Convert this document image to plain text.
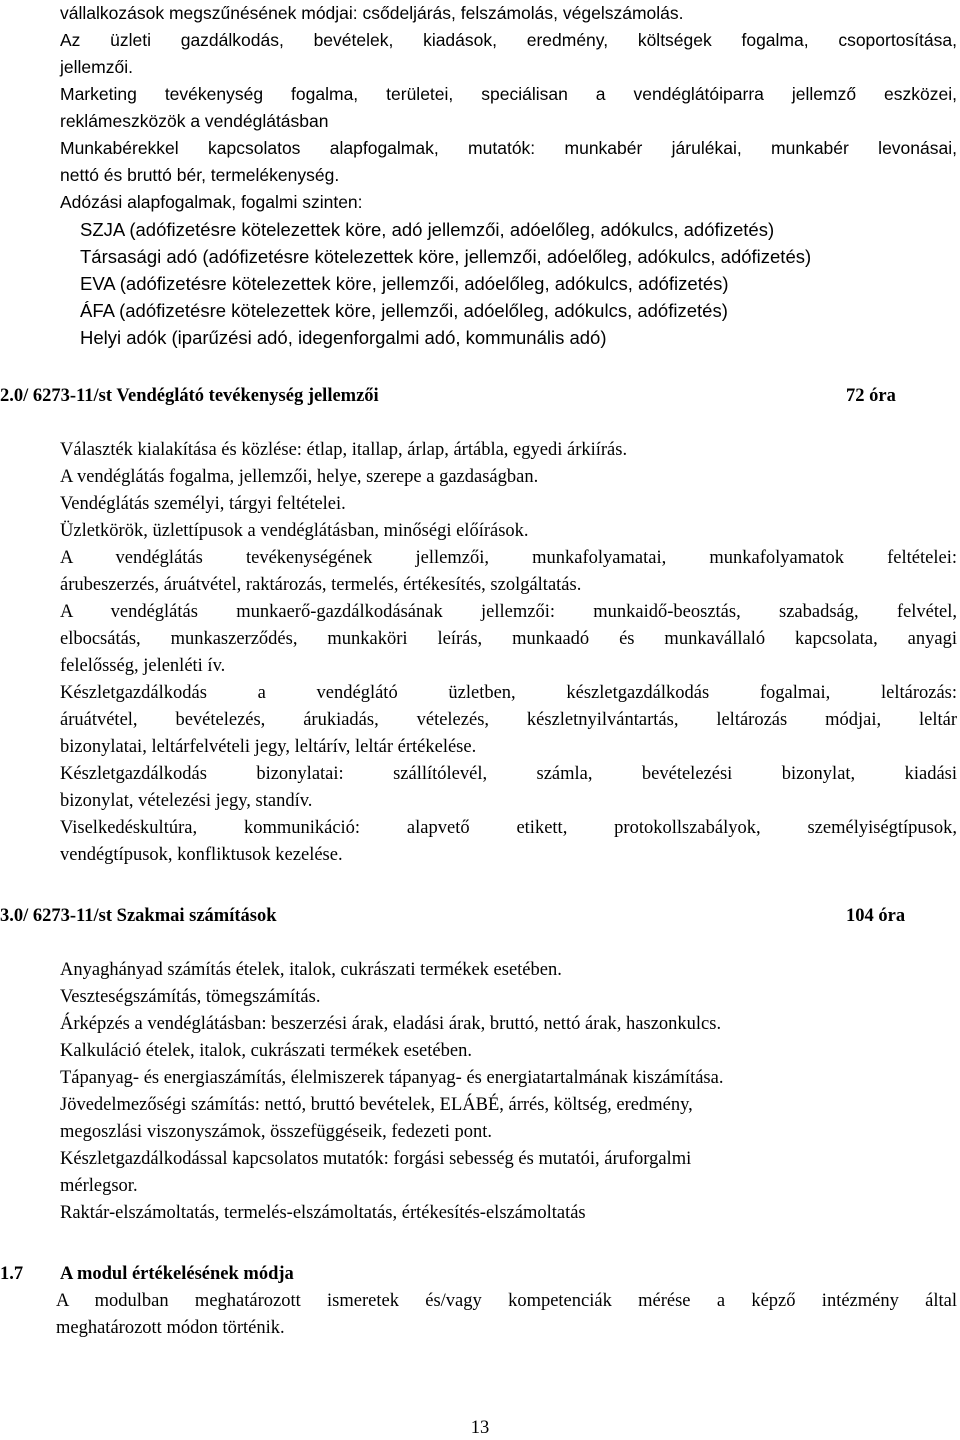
vállalkozások megszűnésének módjai: csődeljárás, felszámolás, végelszámolás.
Az üzleti gazdálkodás, bevételek, kiadások, eredmény, költségek fogalma, csoportosítása,
jellemzői.
Marketing tevékenység fogalma, területei, speciálisan a vendéglátóiparra jellemző eszközei,
reklámeszközök a vendéglátásban
Munkabérekkel kapcsolatos alapfogalmak, mutatók: munkabér járulékai, munkabér levonásai,
nettó és bruttó bér, termelékenység.
Adózási alapfogalmak, fogalmi szinten:
SZJA (adófizetésre kötelezettek köre, adó jellemzői, adóelőleg, adókulcs, adófizetés)
Társasági adó (adófizetésre kötelezettek köre, jellemzői, adóelőleg, adókulcs, adófizetés)
EVA (adófizetésre kötelezettek köre, jellemzői, adóelőleg, adókulcs, adófizetés)
ÁFA (adófizetésre kötelezettek köre, jellemzői, adóelőleg, adókulcs, adófizetés)
Helyi adók (iparűzési adó, idegenforgalmi adó, kommunális adó)
2.0/ 6273-11/st Vendéglátó tevékenység jellemzői	72 óra
Választék kialakítása és közlése: étlap, itallap, árlap, ártábla, egyedi árkiírás.
A vendéglátás fogalma, jellemzői, helye, szerepe a gazdaságban.
Vendéglátás személyi, tárgyi feltételei.
Üzletkörök, üzlettípusok a vendéglátásban, minőségi előírások.
A vendéglátás tevékenységének jellemzői, munkafolyamatai, munkafolyamatok feltételei:
árubeszerzés, áruátvétel, raktározás, termelés, értékesítés, szolgáltatás.
A vendéglátás munkaerő-gazdálkodásának jellemzői: munkaidő-beosztás, szabadság, felvétel,
elbocsátás, munkaszerződés, munkaköri leírás, munkaadó és munkavállaló kapcsolata, anyagi
felelősség, jelenléti ív.
Készletgazdálkodás a vendéglátó üzletben, készletgazdálkodás fogalmai, leltározás:
áruátvétel, bevételezés, árukiadás, vételezés, készletnyilvántartás, leltározás módjai, leltár
bizonylatai, leltárfelvételi jegy, leltárív, leltár értékelése.
Készletgazdálkodás bizonylatai: szállítólevél, számla, bevételezési bizonylat, kiadási
bizonylat, vételezési jegy, standív.
Viselkedéskultúra, kommunikáció: alapvető etikett, protokollszabályok, személyiségtípusok,
vendégtípusok, konfliktusok kezelése.
3.0/ 6273-11/st Szakmai számítások	104 óra
Anyaghányad számítás ételek, italok, cukrászati termékek esetében.
Veszteségszámítás, tömegszámítás.
Árképzés a vendéglátásban: beszerzési árak, eladási árak, bruttó, nettó árak, haszonkulcs.
Kalkuláció ételek, italok, cukrászati termékek esetében.
Tápanyag- és energiaszámítás, élelmiszerek tápanyag- és energiatartalmának kiszámítása.
Jövedelmezőségi számítás: nettó, bruttó bevételek, ELÁBÉ, árrés, költség, eredmény,
megoszlási viszonyszámok, összefüggéseik, fedezeti pont.
Készletgazdálkodással kapcsolatos mutatók: forgási sebesség és mutatói, áruforgalmi
mérlegsor.
Raktár-elszámoltatás, termelés-elszámoltatás, értékesítés-elszámoltatás
1.7 A modul értékelésének módja
A modulban meghatározott ismeretek és/vagy kompetenciák mérése a képző intézmény által
meghatározott módon történik.
13
